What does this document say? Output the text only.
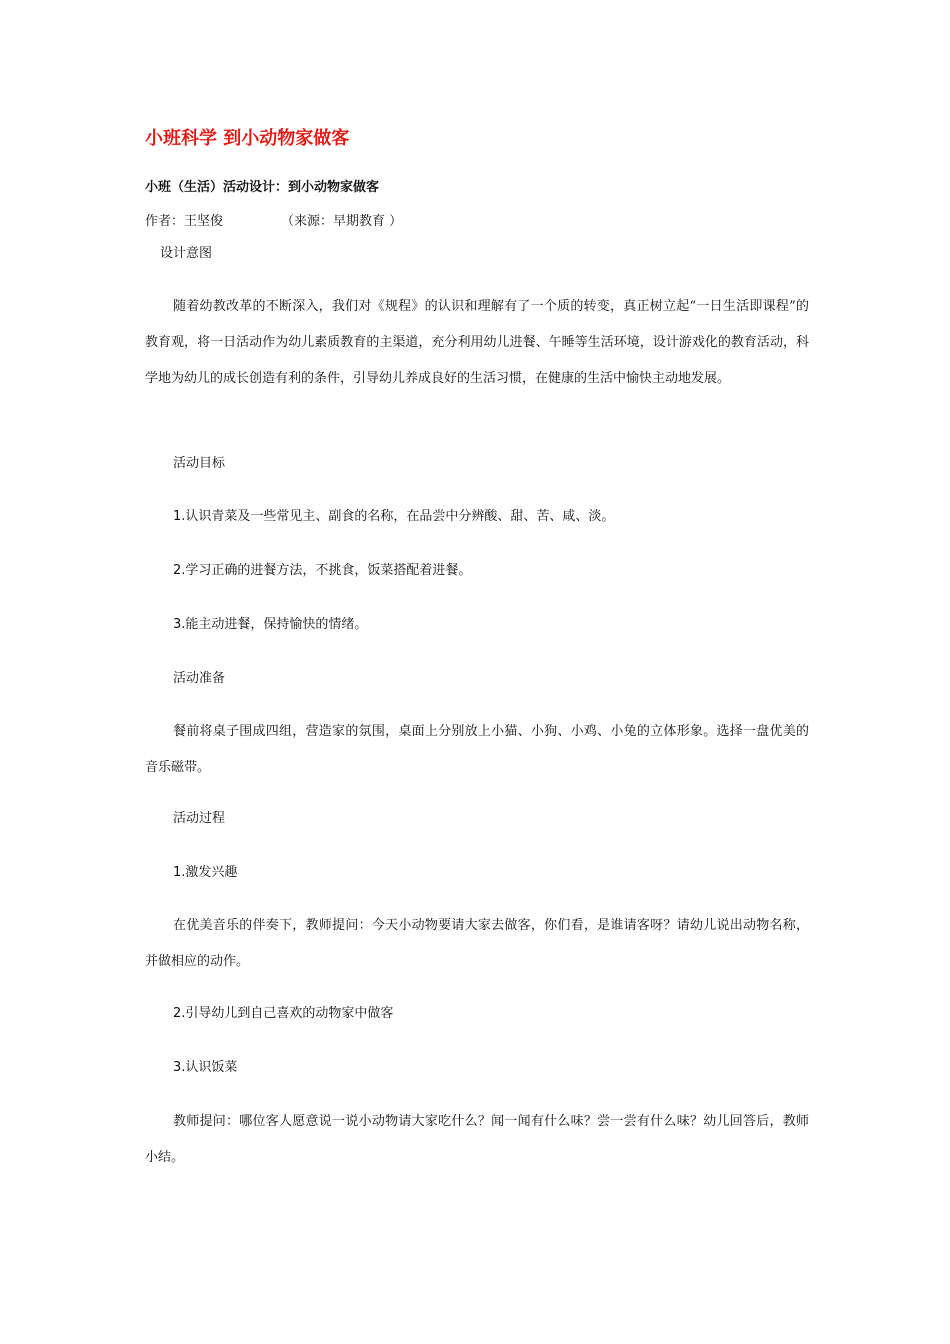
小班科学 到小动物家做客
小班（生活）活动设计：到小动物家做客
作者：王坚俊	（来源：早期教育 ）

设计意图

随着幼教改革的不断深入，我们对《规程》的认识和理解有了一个质的转变，真正树立起“一日生活即课程”的教育观，将一日活动作为幼儿素质教育的主渠道，充分利用幼儿进餐、午睡等生活环境，设计游戏化的教育活动，科学地为幼儿的成长创造有利的条件，引导幼儿养成良好的生活习惯，在健康的生活中愉快主动地发展。

活动目标

1.认识青菜及一些常见主、副食的名称，在品尝中分辨酸、甜、苦、咸、淡。

2.学习正确的进餐方法，不挑食，饭菜搭配着进餐。

3.能主动进餐，保持愉快的情绪。

活动准备

餐前将桌子围成四组，营造家的氛围，桌面上分别放上小猫、小狗、小鸡、小兔的立体形象。选择一盘优美的音乐磁带。

活动过程

1.激发兴趣

在优美音乐的伴奏下，教师提问：今天小动物要请大家去做客，你们看，是谁请客呀？请幼儿说出动物名称，并做相应的动作。

2.引导幼儿到自己喜欢的动物家中做客

3.认识饭菜

教师提问：哪位客人愿意说一说小动物请大家吃什么？闻一闻有什么味？尝一尝有什么味？幼儿回答后，教师小结。
